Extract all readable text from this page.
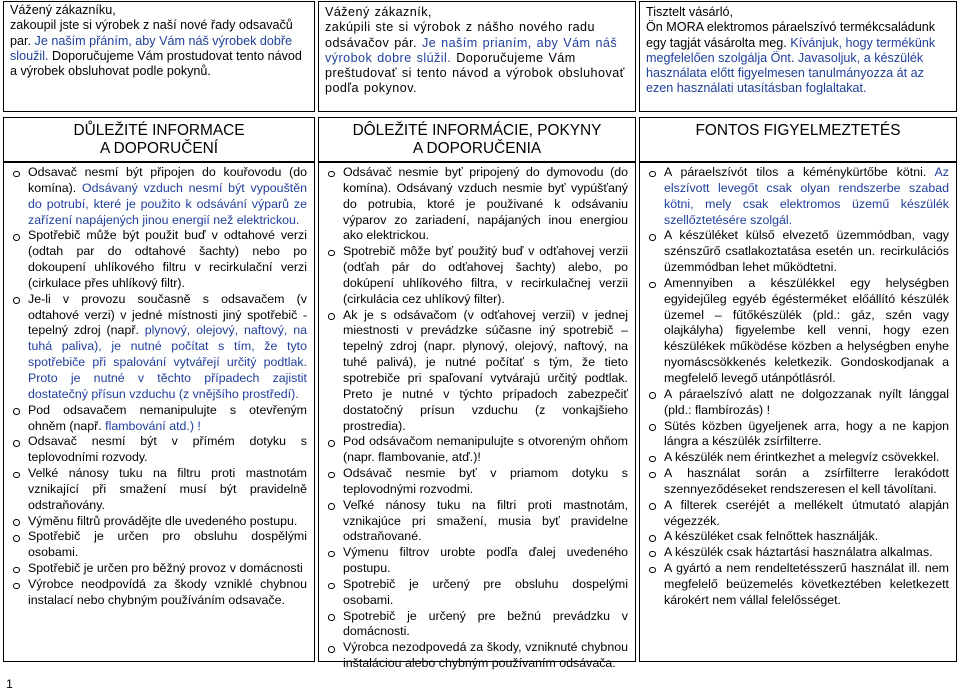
Vážený zákazníku,
zakoupil jste si výrobek z naší nové řady odsavačů par. Je naším přáním, aby Vám náš výrobek dobře sloužil. Doporučujeme Vám prostudovat tento návod a výrobek obsluhovat podle pokynů.
DŮLEŽITÉ INFORMACE
A DOPORUČENÍ
Odsavač nesmí být připojen do kouřovodu (do komína). Odsávaný vzduch nesmí být vypouštěn do potrubí, které je použito k odsávání výparů ze zařízení napájených jinou energií než elektrickou.
Spotřebič může být použit buď v odtahové verzi (odtah par do odtahové šachty) nebo po dokoupení uhlíkového filtru v recirkulační verzi (cirkulace přes uhlíkový filtr).
Je-li v provozu současně s odsavačem (v odtahové verzi) v jedné místnosti jiný spotřebič - tepelný zdroj (např. plynový, olejový, naftový, na tuhá paliva), je nutné počítat s tím, že tyto spotřebiče při spalování vytvářejí určitý podtlak. Proto je nutné v těchto případech zajistit dostatečný přísun vzduchu (z vnějšího prostředí).
Pod odsavačem nemanipulujte s otevřeným ohněm (např. flambování atd.) !
Odsavač nesmí být v přímém dotyku s teplovodními rozvody.
Velké nánosy tuku na filtru proti mastnotám vznikající při smažení musí být pravidelně odstraňovány.
Výměnu filtrů provádějte dle uvedeného postupu.
Spotřebič je určen pro obsluhu dospělými osobami.
Spotřebič je určen pro běžný provoz v domácnosti
Výrobce neodpovídá za škody vzniklé chybnou instalací nebo chybným používáním odsavače.
Vážený zákazník,
zakúpili ste si výrobok z nášho nového radu odsávačov pár. Je naším prianím, aby Vám náš výrobok dobre slúžil. Doporučujeme Vám preštudovať si tento návod a výrobok obsluhovať podľa pokynov.
DÔLEŽITÉ INFORMÁCIE, POKYNY
A DOPORUČENIA
Odsávač nesmie byť pripojený do dymovodu (do komína). Odsávaný vzduch nesmie byť vypúšťaný do potrubia, ktoré je použivané k odsávaniu výparov zo zariadení, napájaných inou energiou ako elektrickou.
Spotrebič môže byť použitý buď v odťahovej verzii (odťah pár do odťahovej šachty) alebo, po dokúpení uhlíkového filtra, v recirkulačnej verzii (cirkulácia cez uhlíkový filter).
Ak je s odsávačom (v odťahovej verzii) v jednej miestnosti v prevádzke súčasne iný spotrebič – tepelný zdroj (napr. plynový, olejový, naftový, na tuhé palivá), je nutné počítať s tým, že tieto spotrebiče pri spaľovaní vytvárajú určitý podtlak. Preto je nutné v týchto prípadoch zabezpečiť dostatočný prísun vzduchu (z vonkajšieho prostredia).
Pod odsávačom nemanipulujte s otvoreným ohňom (napr. flambovanie, atď.)!
Odsávač nesmie byť v priamom dotyku s teplovodnými rozvodmi.
Veľké nánosy tuku na filtri proti mastnotám, vznikajúce pri smažení, musia byť pravidelne odstraňované.
Výmenu filtrov urobte podľa ďalej uvedeného postupu.
Spotrebič je určený pre obsluhu dospelými osobami.
Spotrebič je určený pre bežnú prevádzku v domácnosti.
Výrobca nezodpovedá za škody, vzniknuté chybnou inštaláciou alebo chybným používaním odsávača.
Tisztelt vásárló,
Ön MORA elektromos páraelszívó termékcsaládunk egy tagját vásárolta meg. Kívánjuk, hogy termékünk megfelelően szolgálja Önt. Javasoljuk, a készülék használata előtt figyelmesen tanulmányozza át az ezen használati utasításban foglaltakat.
FONTOS FIGYELMEZTETÉS
A páraelszívót tilos a kéménykürtőbe kötni. Az elszívott levegőt csak olyan rendszerbe szabad kötni, mely csak elektromos üzemű készülék szellőztetésére szolgál.
A készüléket külső elvezető üzemmódban, vagy szénszűrő csatlakoztatása esetén un. recirkulációs üzemmódban lehet működtetni.
Amennyiben a készülékkel egy helységben egyidejűleg egyéb égésterméket előállító készülék üzemel – fűtőkészülék (pld.: gáz, szén vagy olajkályha) figyelembe kell venni, hogy ezen készülékek működése közben a helységben enyhe nyomáscsökkenés keletkezik. Gondoskodjanak a megfelelő levegő utánpótlásról.
A páraelszívó alatt ne dolgozzanak nyílt lánggal (pld.: flambírozás) !
Sütés közben ügyeljenek arra, hogy a ne kapjon lángra a készülék zsírfilterre.
A készülék nem érintkezhet a melegvíz csövekkel.
A használat során a zsírfilterre lerakódott szennyeződéseket rendszeresen el kell távolítani.
A filterek cseréjét a mellékelt útmutató alapján végezzék.
A készüléket csak felnőttek használják.
A készülék csak háztartási használatra alkalmas.
A gyártó a nem rendeltetésszerű használat ill. nem megfelelő beüzemelés következtében keletkezett károkért nem vállal felelősséget.
1
